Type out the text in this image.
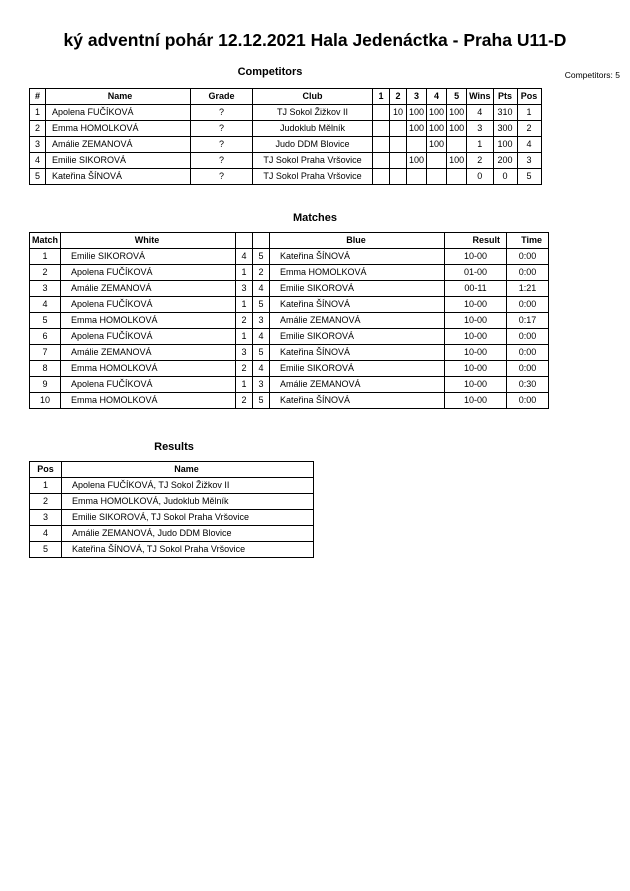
ký adventní pohár 12.12.2021 Hala Jedenáctka - Praha U11-D
Competitors	Competitors: 5
#	Name	Grade	Club	1	2	3	4	5	Wins	Pts	Pos
1	Apolena FUČÍKOVÁ	?	TJ Sokol Žižkov II		10	100	100	100	4	310	1
2	Emma HOMOLKOVÁ	?	Judoklub Mělník			100	100	100	3	300	2
3	Amálie ZEMANOVÁ	?	Judo DDM Blovice				100		1	100	4
4	Emilie SIKOROVÁ	?	TJ Sokol Praha Vršovice			100		100	2	200	3
5	Kateřina ŠÍNOVÁ	?	TJ Sokol Praha Vršovice						0	0	5
Matches
Match	White			Blue	Result	Time
1	Emilie SIKOROVÁ	4	5	Kateřina ŠÍNOVÁ	10-00	0:00
2	Apolena FUČÍKOVÁ	1	2	Emma HOMOLKOVÁ	01-00	0:00
3	Amálie ZEMANOVÁ	3	4	Emilie SIKOROVÁ	00-11	1:21
4	Apolena FUČÍKOVÁ	1	5	Kateřina ŠÍNOVÁ	10-00	0:00
5	Emma HOMOLKOVÁ	2	3	Amálie ZEMANOVÁ	10-00	0:17
6	Apolena FUČÍKOVÁ	1	4	Emilie SIKOROVÁ	10-00	0:00
7	Amálie ZEMANOVÁ	3	5	Kateřina ŠÍNOVÁ	10-00	0:00
8	Emma HOMOLKOVÁ	2	4	Emilie SIKOROVÁ	10-00	0:00
9	Apolena FUČÍKOVÁ	1	3	Amálie ZEMANOVÁ	10-00	0:30
10	Emma HOMOLKOVÁ	2	5	Kateřina ŠÍNOVÁ	10-00	0:00
Results
Pos	Name
1	Apolena FUČÍKOVÁ, TJ Sokol Žižkov II
2	Emma HOMOLKOVÁ, Judoklub Mělník
3	Emilie SIKOROVÁ, TJ Sokol Praha Vršovice
4	Amálie ZEMANOVÁ, Judo DDM Blovice
5	Kateřina ŠÍNOVÁ, TJ Sokol Praha Vršovice
